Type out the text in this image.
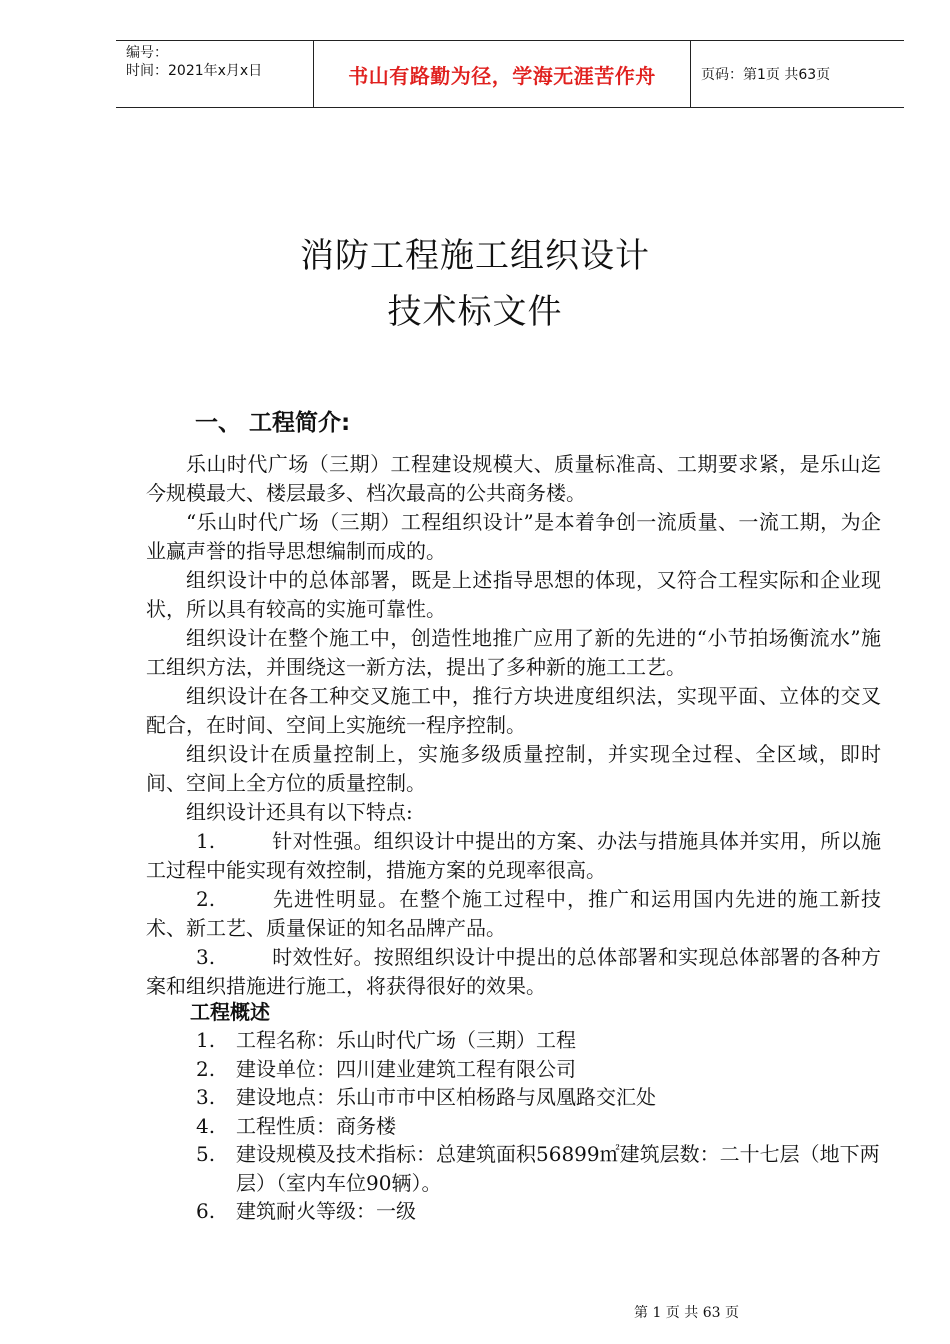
编号：
时间：2021年x月x日	书山有路勤为径，学海无涯苦作舟	页码：第1页 共63页
消防工程施工组织设计
技术标文件
一、 工程简介:

乐山时代广场（三期）工程建设规模大、质量标准高、工期要求紧，是乐山迄今规模最大、楼层最多、档次最高的公共商务楼。

“乐山时代广场（三期）工程组织设计”是本着争创一流质量、一流工期，为企业赢声誉的指导思想编制而成的。

组织设计中的总体部署，既是上述指导思想的体现，又符合工程实际和企业现状，所以具有较高的实施可靠性。

组织设计在整个施工中，创造性地推广应用了新的先进的“小节拍场衡流水”施工组织方法，并围绕这一新方法，提出了多种新的施工工艺。

组织设计在各工种交叉施工中，推行方块进度组织法，实现平面、立体的交叉配合，在时间、空间上实施统一程序控制。

组织设计在质量控制上，实施多级质量控制，并实现全过程、全区域，即时间、空间上全方位的质量控制。

组织设计还具有以下特点:

1.	针对性强。组织设计中提出的方案、办法与措施具体并实用，所以施工过程中能实现有效控制，措施方案的兑现率很高。

2.	先进性明显。在整个施工过程中，推广和运用国内先进的施工新技术、新工艺、质量保证的知名品牌产品。

3.	时效性好。按照组织设计中提出的总体部署和实现总体部署的各种方案和组织措施进行施工，将获得很好的效果。

工程概述
1.	工程名称：乐山时代广场（三期）工程
2.	建设单位：四川建业建筑工程有限公司
3.	建设地点：乐山市市中区柏杨路与凤凰路交汇处
4.	工程性质：商务楼
5.	建设规模及技术指标：总建筑面积56899㎡建筑层数：二十七层（地下两层）（室内车位90辆）。
6.	建筑耐火等级：一级
第 1 页 共 63 页
